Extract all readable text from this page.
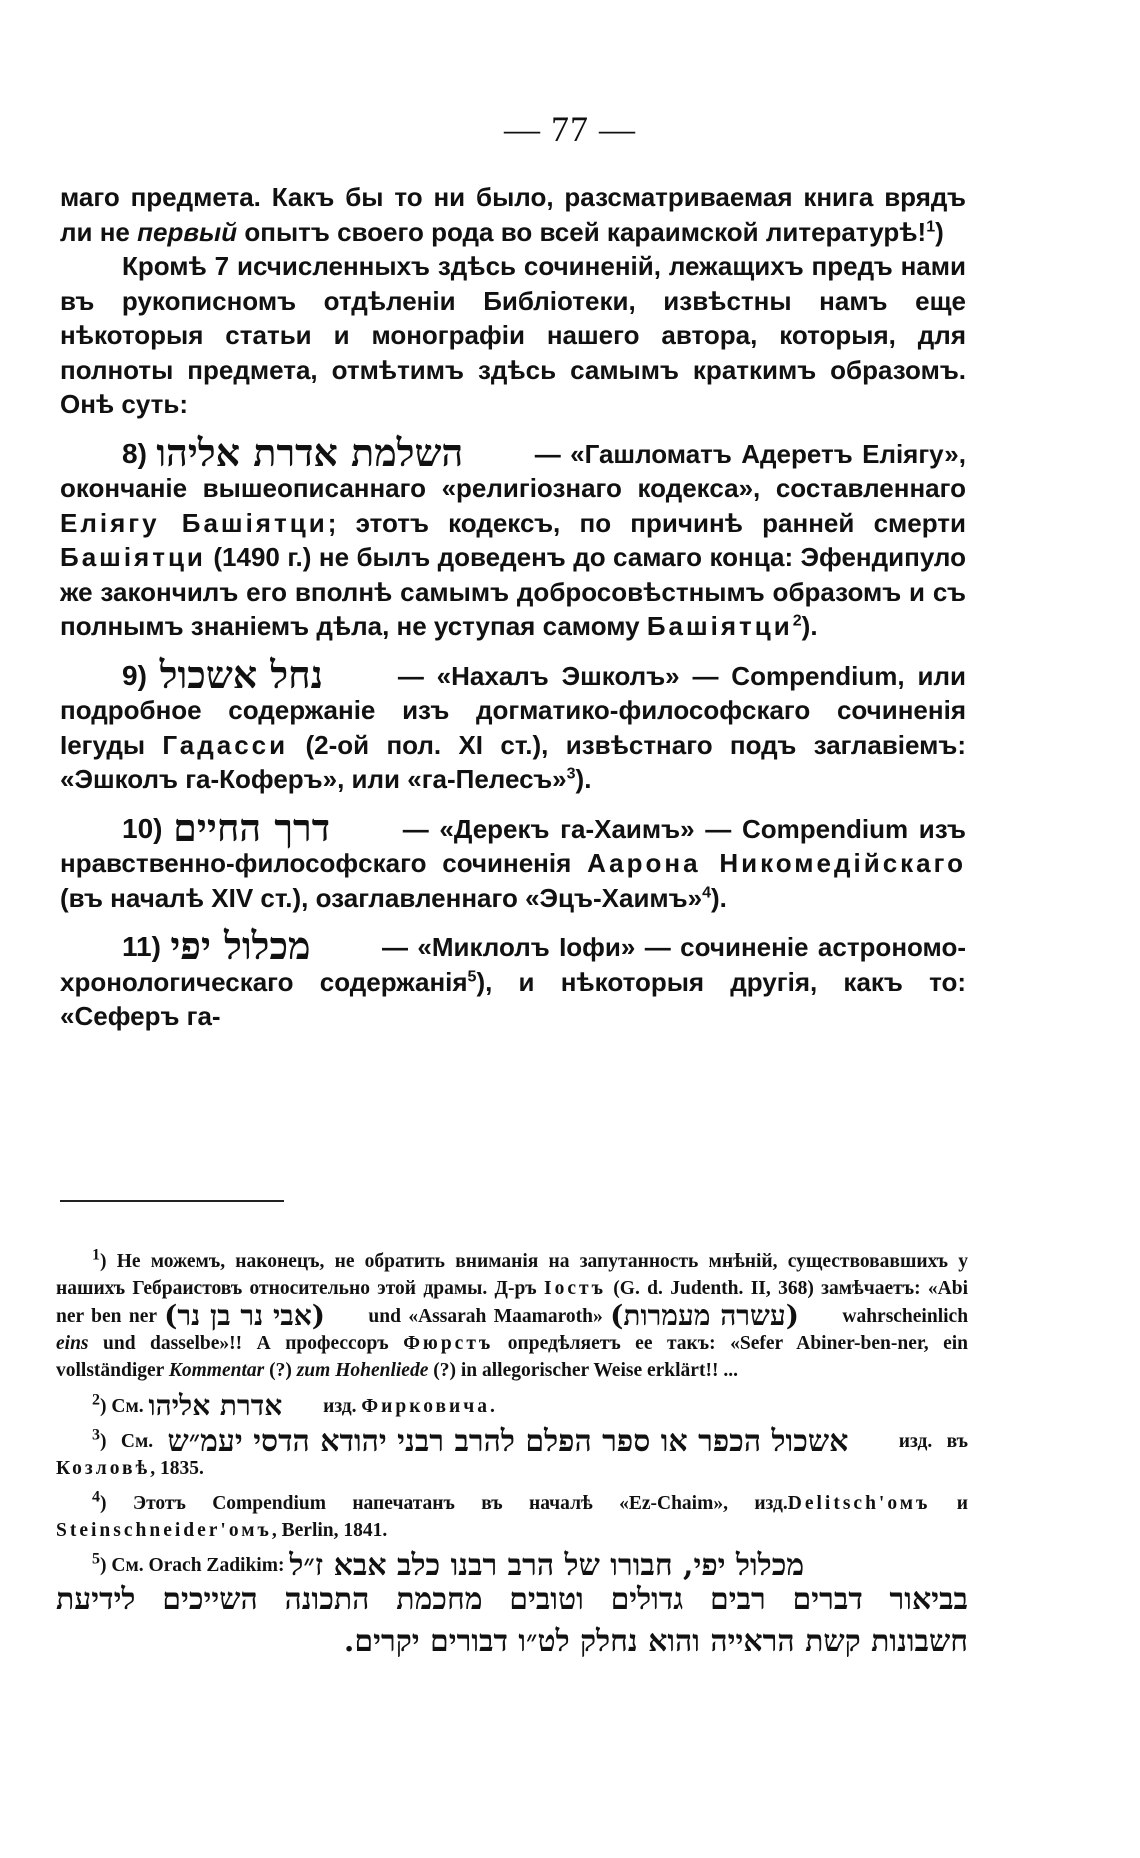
— 77 —

маго предмета. Какъ бы то ни было, разсматриваемая книга врядъ ли не первый опытъ своего рода во всей караимской литературѣ!$^1$)

Кромѣ 7 исчисленныхъ здѣсь сочиненій, лежащихъ предъ нами въ рукописномъ отдѣленіи Библіотеки, извѣстны намъ еще нѣкоторыя статьи и монографіи нашего автора, которыя, для полноты предмета, отмѣтимъ здѣсь самымъ краткимъ образомъ. Онѣ суть:

8) השלמת אדרת אליהו	— «Гашломатъ Адеретъ Еліягу», окончаніе вышеописаннаго «религіознаго кодекса», составленнаго Еліягу Башіятци; этотъ кодексъ, по причинѣ ранней смерти Башіятци (1490 г.) не былъ доведенъ до самаго конца: Эфендипуло же закончилъ его вполнѣ самымъ добросовѣстнымъ образомъ и съ полнымъ знаніемъ дѣла, не уступая самому Башіятци$^2$).

9) נחל אשכול	— «Нахалъ Эшколъ» — Compendium, или подробное содержаніе изъ догматико-философскаго сочиненія Іегуды Гадасси (2-ой пол. XI ст.), извѣстнаго подъ заглавіемъ: «Эшколъ га-Коферъ», или «га-Пелесъ»$^3$).

10) דרך החיים	— «Дерекъ га-Хаимъ» — Compendium изъ нравственно-философскаго сочиненія Аарона Никомедійскаго (въ началѣ XIV ст.), озаглавленнаго «Эцъ-Хаимъ»$^4$).

11) מכלול יפי	— «Миклолъ Іофи» — сочиненіе астрономо-хронологическаго содержанія$^5$), и нѣкоторыя другія, какъ то: «Сеферъ га-

$^1$) Не можемъ, наконецъ, не обратить вниманія на запутанность мнѣній, существовавшихъ у нашихъ Гебраистовъ относительно этой драмы. Д-ръ Іостъ (G. d. Judenth. II, 368) замѣчаетъ: «Abi ner ben ner (אבי נר בן נר) und «Assarah Maamaroth» (עשרה מעמרות) wahrscheinlich eins und dasselbe»!! А профессоръ Фюрстъ опредѣляетъ ее такъ: «Sefer Abiner-ben-ner, ein vollständiger Kommentar (?) zum Hohenliede (?) in allegorischer Weise erklärt!! ...

$^2$) См. אדרת אליהו изд. Фирковича.

$^3$) См. אשכול הכפר או ספר הפלם להרב רבני יהודא הדסי יעמ״ש	изд. въ Козловѣ, 1835.

$^4$) Этотъ Compendium напечатанъ въ началѣ «Ez-Chaim», изд.Delitsch'омъ и Steinschneider'омъ, Berlin, 1841.

$^5$) См. Orach Zadikim: מכלול יפי, חבורו של הרב רבנו כלב אבא ז״ל

בביאור דברים רבים גדולים וטובים מחכמת התכונה השייכים לידיעת
חשבונות קשת הראייה והוא נחלק לט״ו דבורים יקרים.
